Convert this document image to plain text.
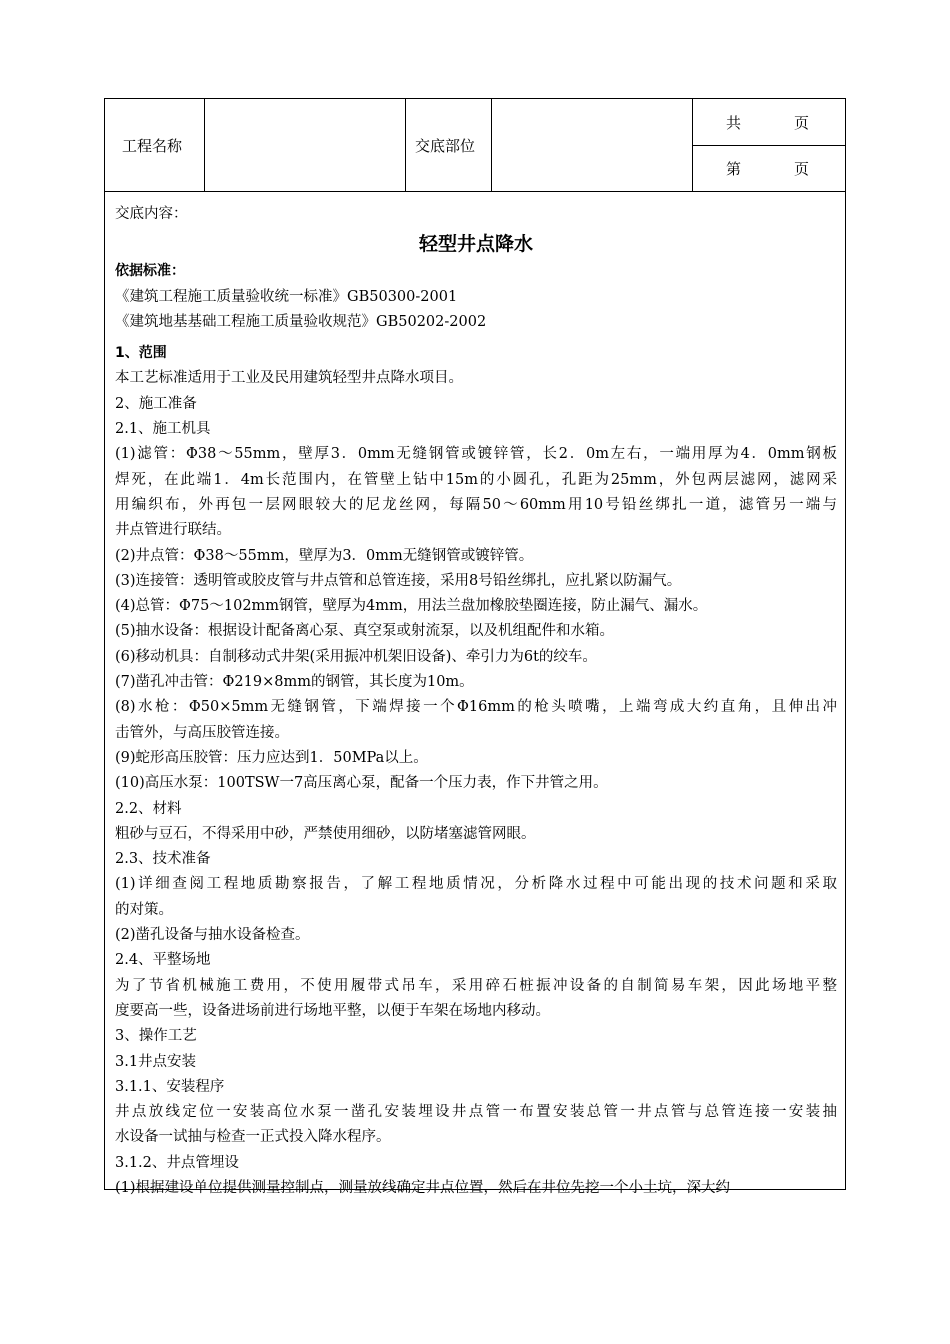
工程名称	交底部位
共	页
第	页
交底内容：
轻型井点降水
依据标准：
《建筑工程施工质量验收统一标准》GB50300-2001
《建筑地基基础工程施工质量验收规范》GB50202-2002
1、范围
本工艺标准适用于工业及民用建筑轻型井点降水项目。
2、施工准备
2.1、施工机具
(1)滤管：Φ38～55mm，壁厚3．0mm无缝钢管或镀锌管，长2．0m左右，一端用厚为4．0mm钢板
焊死，在此端1．4m长范围内，在管壁上钻中15m的小圆孔，孔距为25mm，外包两层滤网，滤网采
用编织布，外再包一层网眼较大的尼龙丝网，每隔50～60mm用10号铅丝绑扎一道，滤管另一端与
井点管进行联结。
(2)井点管：Φ38～55mm，壁厚为3．0mm无缝钢管或镀锌管。
(3)连接管：透明管或胶皮管与井点管和总管连接，采用8号铅丝绑扎，应扎紧以防漏气。
(4)总管：Φ75～102mm钢管，壁厚为4mm，用法兰盘加橡胶垫圈连接，防止漏气、漏水。
(5)抽水设备：根据设计配备离心泵、真空泵或射流泵，以及机组配件和水箱。
(6)移动机具：自制移动式井架(采用振冲机架旧设备)、牵引力为6t的绞车。
(7)凿孔冲击管：Φ219×8mm的钢管，其长度为10m。
(8)水枪：Φ50×5mm无缝钢管，下端焊接一个Φ16mm的枪头喷嘴，上端弯成大约直角，且伸出冲
击管外，与高压胶管连接。
(9)蛇形高压胶管：压力应达到1．50MPa以上。
(10)高压水泵：100TSW一7高压离心泵，配备一个压力表，作下井管之用。
2.2、材料
粗砂与豆石，不得采用中砂，严禁使用细砂，以防堵塞滤管网眼。
2.3、技术准备
(1)详细查阅工程地质勘察报告，了解工程地质情况，分析降水过程中可能出现的技术问题和采取
的对策。
(2)凿孔设备与抽水设备检查。
2.4、平整场地
为了节省机械施工费用，不使用履带式吊车，采用碎石桩振冲设备的自制简易车架，因此场地平整
度要高一些，设备进场前进行场地平整，以便于车架在场地内移动。
3、操作工艺
3.1井点安装
3.1.1、安装程序
井点放线定位一安装高位水泵一凿孔安装埋设井点管一布置安装总管一井点管与总管连接一安装抽
水设备一试抽与检查一正式投入降水程序。
3.1.2、井点管埋设
(1)根据建设单位提供测量控制点，测量放线确定井点位置，然后在井位先挖一个小土坑，深大约
